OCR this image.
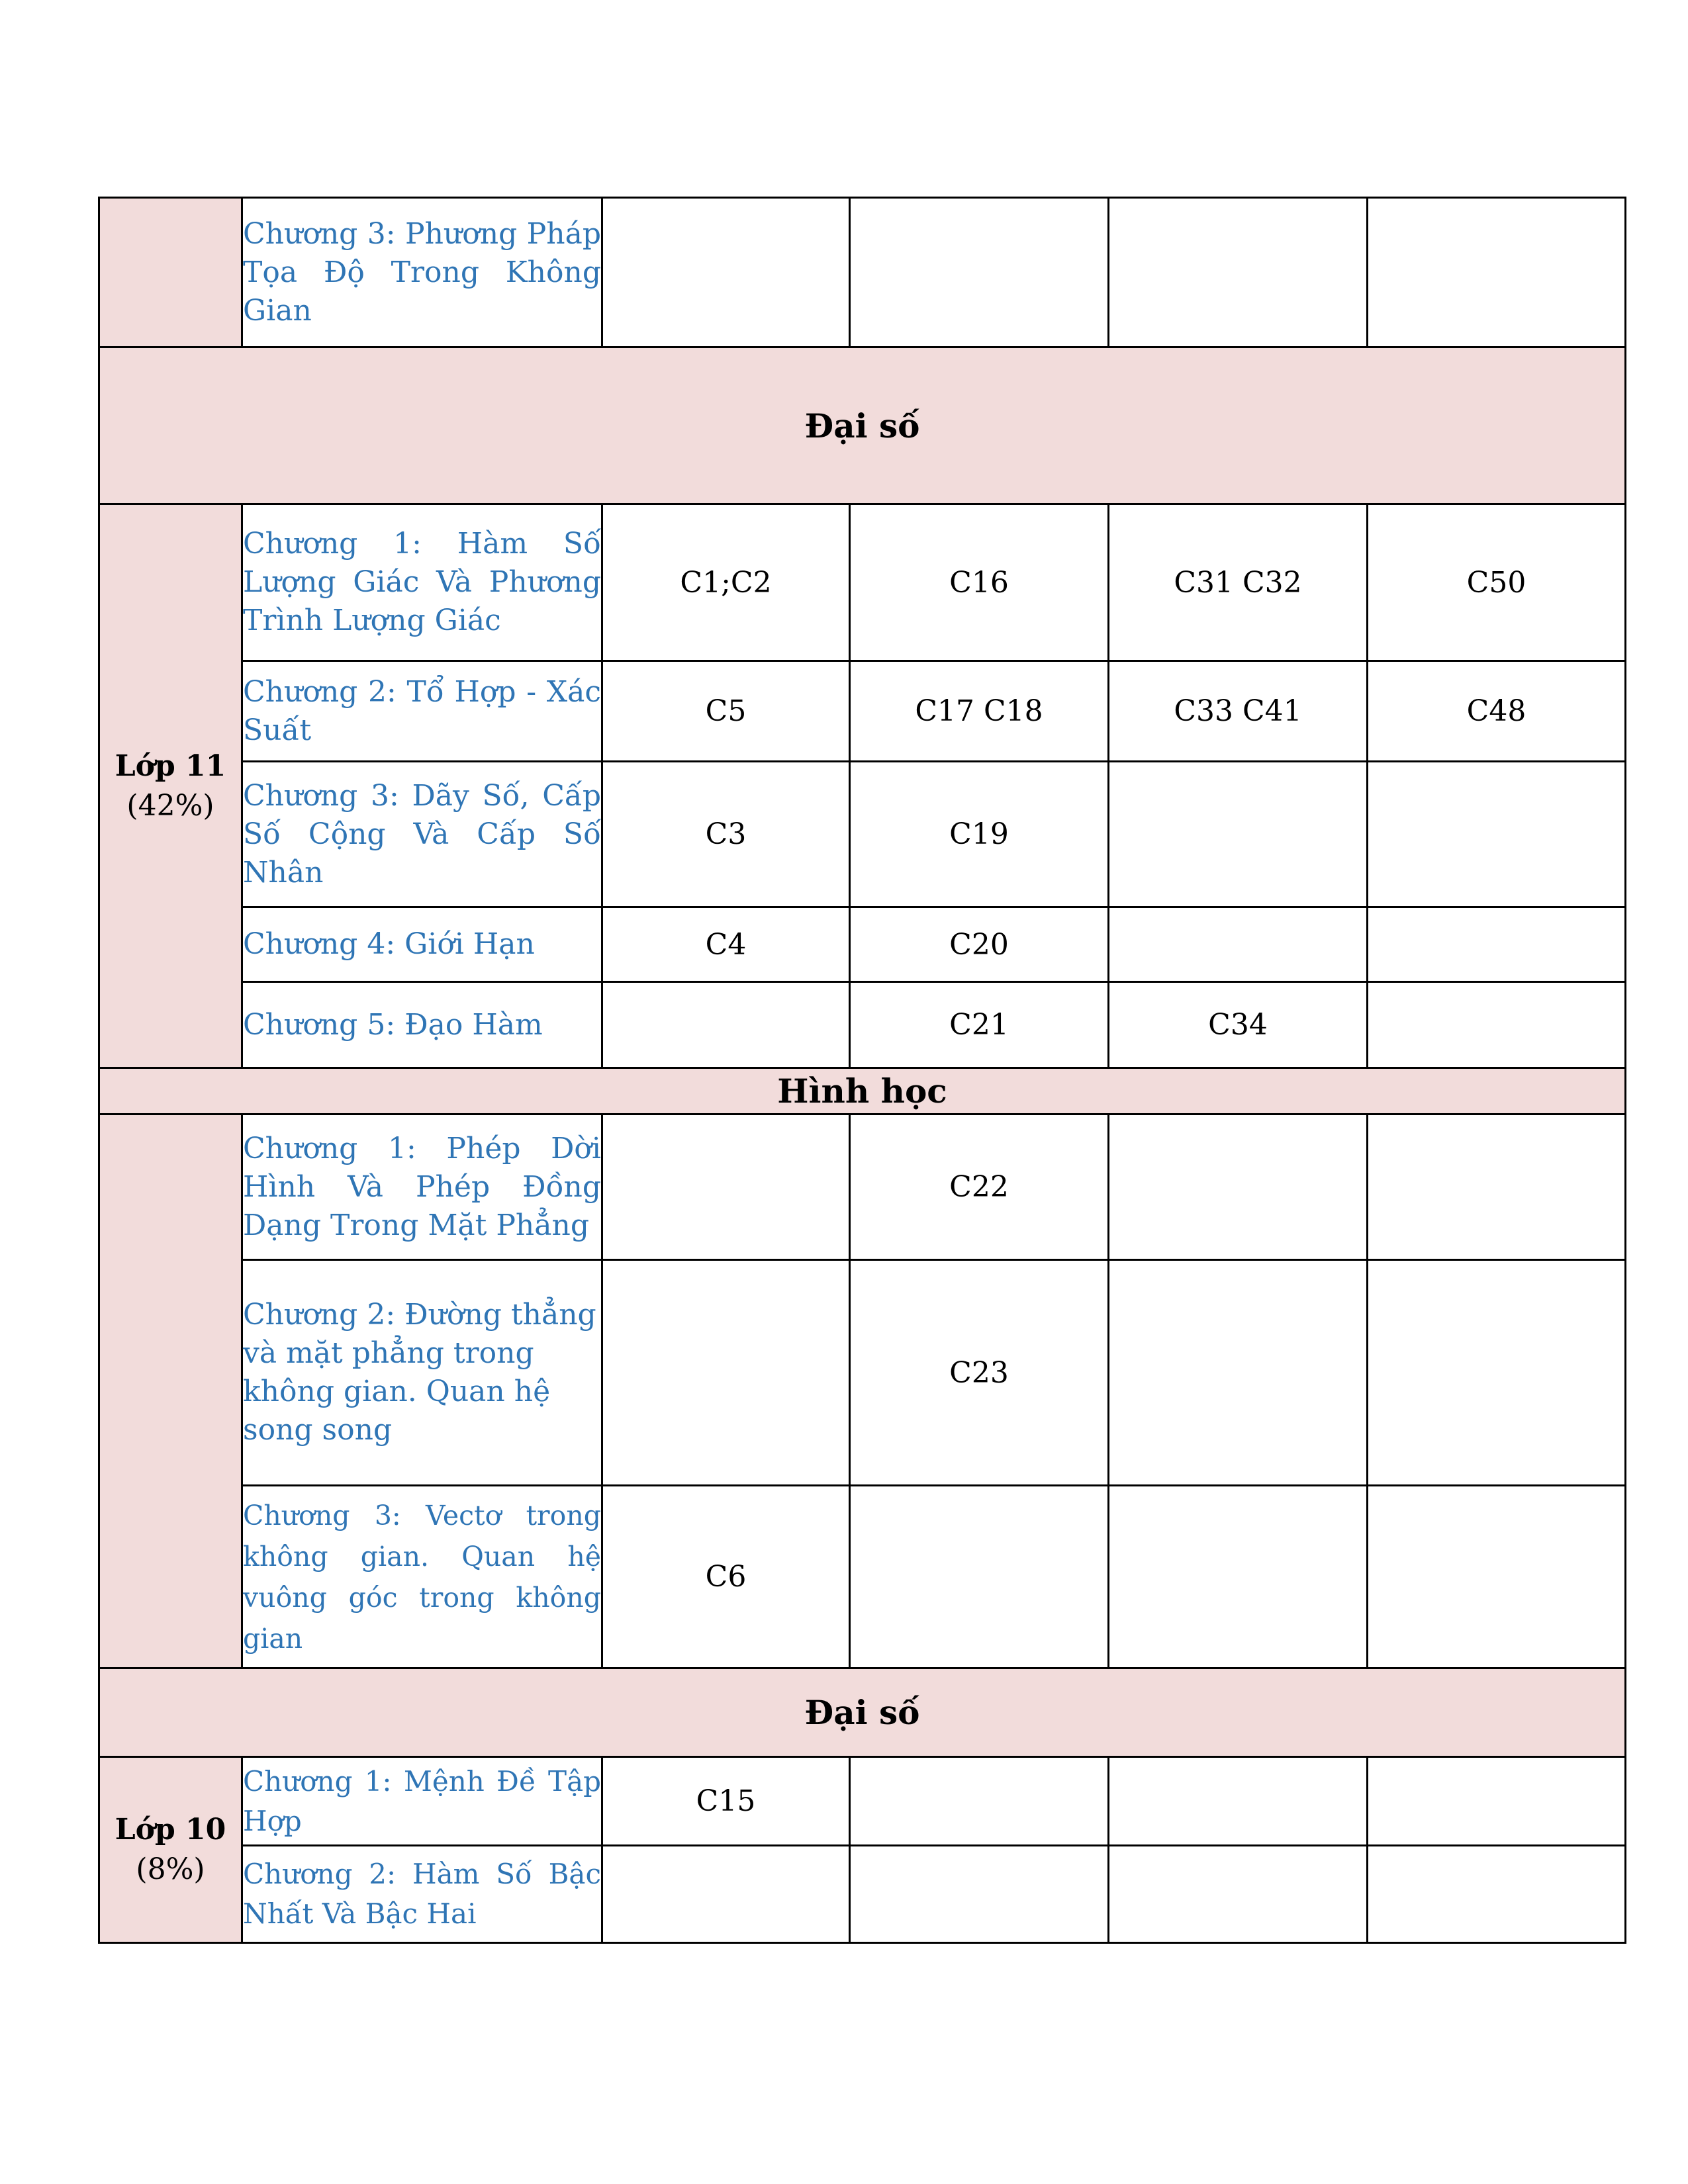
	Chương 3: Phương Pháp Tọa Độ Trong Không Gian				
Đại số					

Lớp 11
(42%)	Chương 1: Hàm Số Lượng Giác Và Phương Trình Lượng Giác	C1;C2	C16	C31 C32	C50
	Chương 2: Tổ Hợp - Xác Suất	C5	C17 C18	C33 C41	C48
	Chương 3: Dãy Số, Cấp Số Cộng Và Cấp Số Nhân	C3	C19		
	Chương 4: Giới Hạn	C4	C20		
	Chương 5: Đạo Hàm		C21	C34	
Hình học					
	Chương 1: Phép Dời Hình Và Phép Đồng Dạng Trong Mặt Phẳng		C22		
	Chương 2: Đường thẳng và mặt phẳng trong không gian. Quan hệ song song		C23		
	Chương 3: Vectơ trong không gian. Quan hệ vuông góc trong không gian	C6			
Đại số					

Lớp 10
(8%)	Chương 1: Mệnh Đề Tập Hợp	C15			
	Chương 2: Hàm Số Bậc Nhất Và Bậc Hai				
